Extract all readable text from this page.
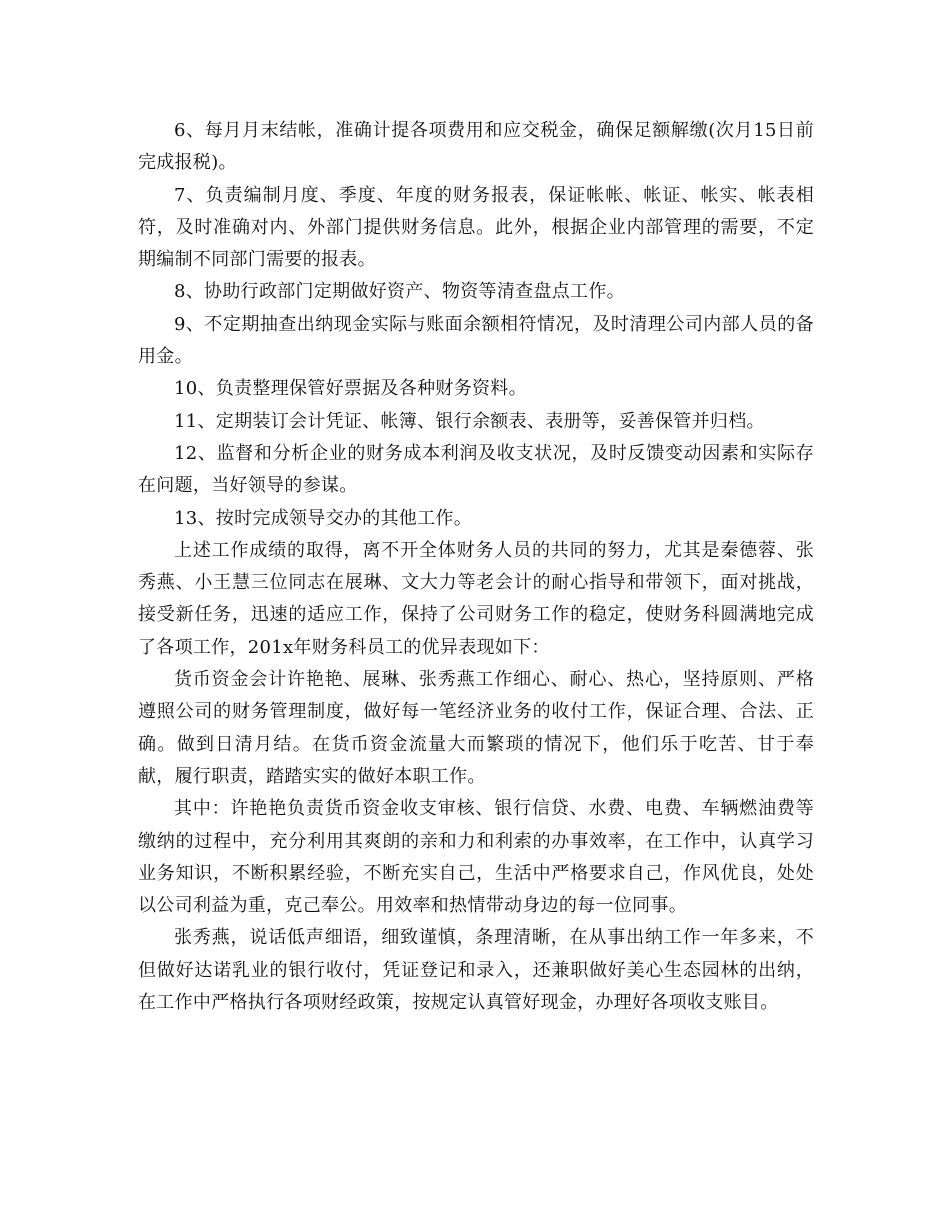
6、每月月末结帐，准确计提各项费用和应交税金，确保足额解缴(次月15日前完成报税)。

7、负责编制月度、季度、年度的财务报表，保证帐帐、帐证、帐实、帐表相符，及时准确对内、外部门提供财务信息。此外，根据企业内部管理的需要，不定期编制不同部门需要的报表。

8、协助行政部门定期做好资产、物资等清查盘点工作。

9、不定期抽查出纳现金实际与账面余额相符情况，及时清理公司内部人员的备用金。

10、负责整理保管好票据及各种财务资料。

11、定期装订会计凭证、帐簿、银行余额表、表册等，妥善保管并归档。

12、监督和分析企业的财务成本利润及收支状况，及时反馈变动因素和实际存在问题，当好领导的参谋。

13、按时完成领导交办的其他工作。

上述工作成绩的取得，离不开全体财务人员的共同的努力，尤其是秦德蓉、张秀燕、小王慧三位同志在展琳、文大力等老会计的耐心指导和带领下，面对挑战，接受新任务，迅速的适应工作，保持了公司财务工作的稳定，使财务科圆满地完成了各项工作，201x年财务科员工的优异表现如下：

货币资金会计许艳艳、展琳、张秀燕工作细心、耐心、热心，坚持原则、严格遵照公司的财务管理制度，做好每一笔经济业务的收付工作，保证合理、合法、正确。做到日清月结。在货币资金流量大而繁琐的情况下，他们乐于吃苦、甘于奉献，履行职责，踏踏实实的做好本职工作。

其中：许艳艳负责货币资金收支审核、银行信贷、水费、电费、车辆燃油费等缴纳的过程中，充分利用其爽朗的亲和力和利索的办事效率，在工作中，认真学习业务知识，不断积累经验，不断充实自己，生活中严格要求自己，作风优良，处处以公司利益为重，克己奉公。用效率和热情带动身边的每一位同事。

张秀燕，说话低声细语，细致谨慎，条理清晰，在从事出纳工作一年多来，不但做好达诺乳业的银行收付，凭证登记和录入，还兼职做好美心生态园林的出纳，在工作中严格执行各项财经政策，按规定认真管好现金，办理好各项收支账目。
